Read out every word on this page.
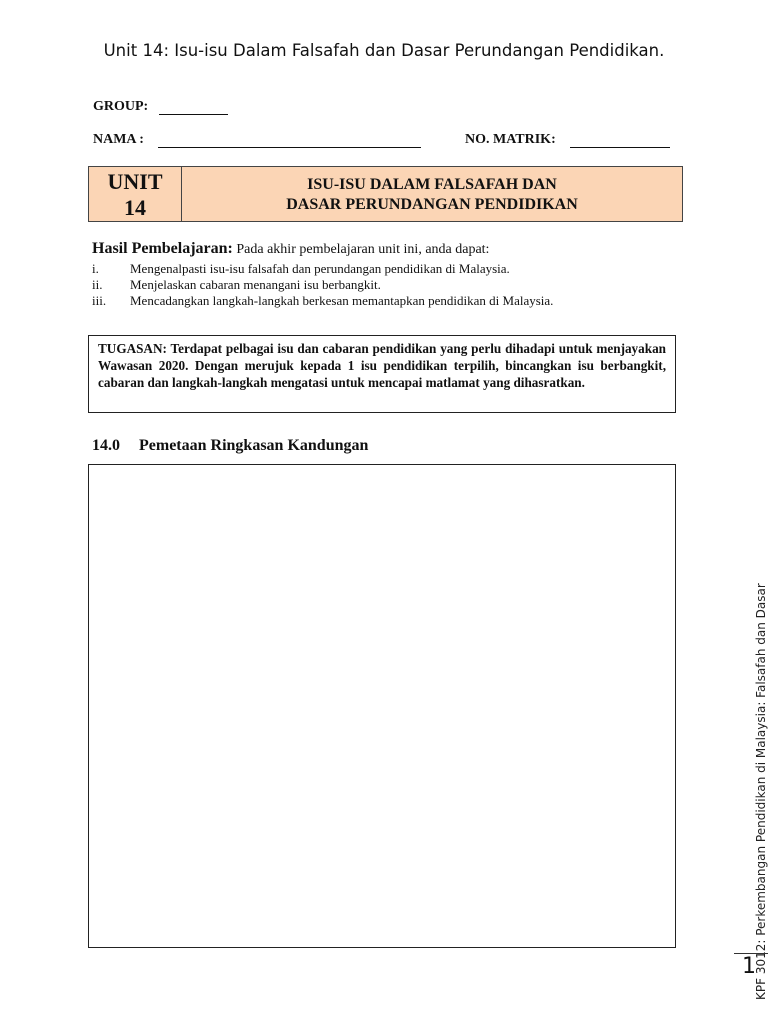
Unit 14: Isu-isu Dalam Falsafah dan Dasar Perundangan Pendidikan.
GROUP:
NAMA :	NO. MATRIK:
UNIT
14
ISU-ISU DALAM FALSAFAH DAN
DASAR PERUNDANGAN PENDIDIKAN
Hasil Pembelajaran: Pada akhir pembelajaran unit ini, anda dapat:
i. Mengenalpasti isu-isu falsafah dan perundangan pendidikan di Malaysia.
ii. Menjelaskan cabaran menangani isu berbangkit.
iii. Mencadangkan langkah-langkah berkesan memantapkan pendidikan di Malaysia.
TUGASAN: Terdapat pelbagai isu dan cabaran pendidikan yang perlu dihadapi untuk menjayakan Wawasan 2020. Dengan merujuk kepada 1 isu pendidikan terpilih, bincangkan isu berbangkit, cabaran dan langkah-langkah mengatasi untuk mencapai matlamat yang dihasratkan.
14.0 Pemetaan Ringkasan Kandungan
KPF 3012: Perkembangan Pendidikan di Malaysia: Falsafah dan Dasar
1
